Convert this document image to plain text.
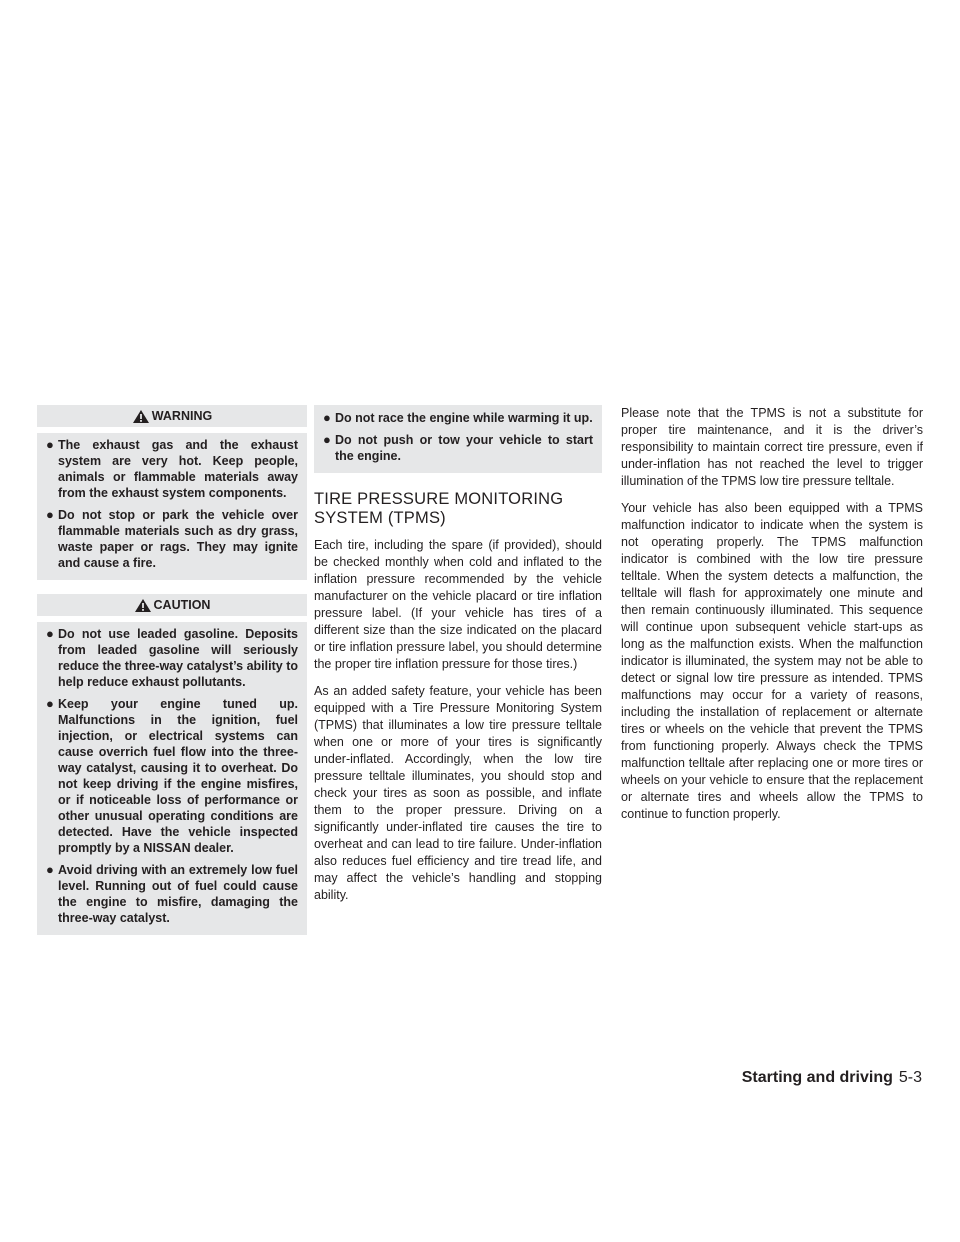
WARNING
● The exhaust gas and the exhaust system are very hot. Keep people, animals or flammable materials away from the exhaust system components.
● Do not stop or park the vehicle over flammable materials such as dry grass, waste paper or rags. They may ignite and cause a fire.
CAUTION
● Do not use leaded gasoline. Deposits from leaded gasoline will seriously reduce the three-way catalyst’s ability to help reduce exhaust pollutants.
● Keep your engine tuned up. Malfunctions in the ignition, fuel injection, or electrical systems can cause overrich fuel flow into the three-way catalyst, causing it to overheat. Do not keep driving if the engine misfires, or if noticeable loss of performance or other unusual operating conditions are detected. Have the vehicle inspected promptly by a NISSAN dealer.
● Avoid driving with an extremely low fuel level. Running out of fuel could cause the engine to misfire, damaging the three-way catalyst.
● Do not race the engine while warming it up.
● Do not push or tow your vehicle to start the engine.
TIRE PRESSURE MONITORING
SYSTEM (TPMS)

Each tire, including the spare (if provided), should be checked monthly when cold and inflated to the inflation pressure recommended by the vehicle manufacturer on the vehicle placard or tire inflation pressure label. (If your vehicle has tires of a different size than the size indicated on the placard or tire inflation pressure label, you should determine the proper tire inflation pressure for those tires.)

As an added safety feature, your vehicle has been equipped with a Tire Pressure Monitoring System (TPMS) that illuminates a low tire pressure telltale when one or more of your tires is significantly under-inflated. Accordingly, when the low tire pressure telltale illuminates, you should stop and check your tires as soon as possible, and inflate them to the proper pressure. Driving on a significantly under-inflated tire causes the tire to overheat and can lead to tire failure. Under-inflation also reduces fuel efficiency and tire tread life, and may affect the vehicle’s handling and stopping ability.

Please note that the TPMS is not a substitute for proper tire maintenance, and it is the driver’s responsibility to maintain correct tire pressure, even if under-inflation has not reached the level to trigger illumination of the TPMS low tire pressure telltale.

Your vehicle has also been equipped with a TPMS malfunction indicator to indicate when the system is not operating properly. The TPMS malfunction indicator is combined with the low tire pressure telltale. When the system detects a malfunction, the telltale will flash for approximately one minute and then remain continuously illuminated. This sequence will continue upon subsequent vehicle start-ups as long as the malfunction exists. When the malfunction indicator is illuminated, the system may not be able to detect or signal low tire pressure as intended. TPMS malfunctions may occur for a variety of reasons, including the installation of replacement or alternate tires or wheels on the vehicle that prevent the TPMS from functioning properly. Always check the TPMS malfunction telltale after replacing one or more tires or wheels on your vehicle to ensure that the replacement or alternate tires and wheels allow the TPMS to continue to function properly.

Starting and driving 5-3
